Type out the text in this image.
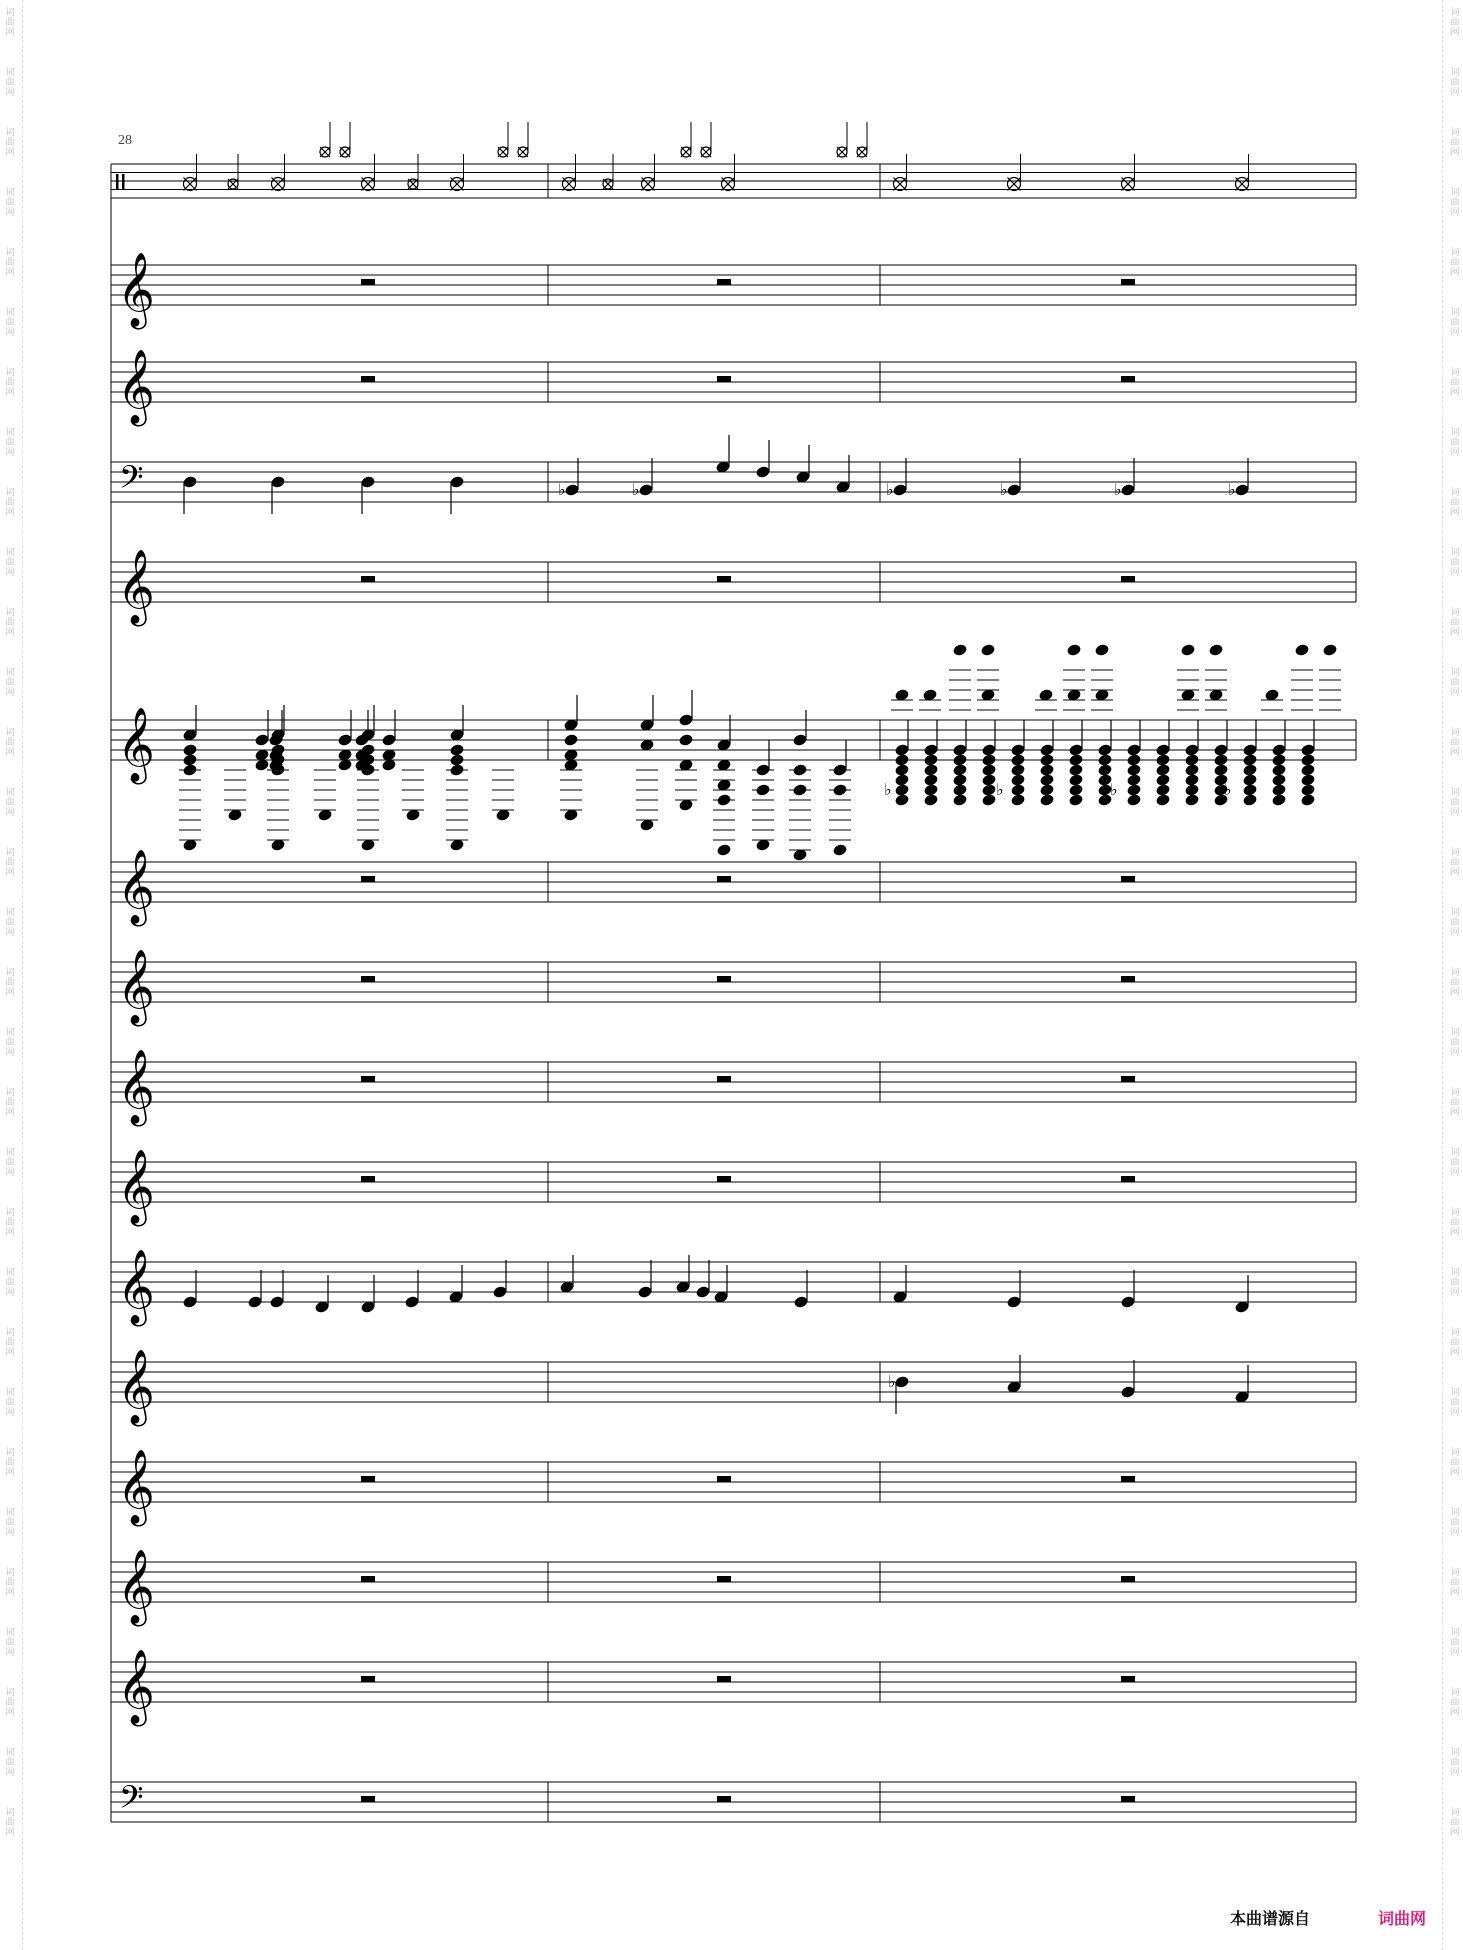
词
曲
网
词
曲
网
词
曲
网
词
曲
网
词
曲
网
词
曲
网
词
曲
网
词
曲
网
词
曲
网
词
曲
网
词
曲
网
词
曲
网
词
曲
网
词
曲
网
词
曲
网
词
曲
网
词
曲
网
词
曲
网
词
曲
网
词
曲
网
词
曲
网
词
曲
网
词
曲
网
词
曲
网
词
曲
网
词
曲
网
词
曲
网
词
曲
网
词
曲
网
词
曲
网
词
曲
网
词
曲
网
词
曲
网
词
曲
网
词
曲
网
词
曲
网
词
曲
网
词
曲
网
词
曲
网
词
曲
网
词
曲
网
词
曲
网
词
曲
网
词
曲
网
词
曲
网
词
曲
网
词
曲
网
词
曲
网
词
曲
网
词
曲
网
词
曲
网
词
曲
网
词
曲
网
词
曲
网
词
曲
网
词
曲
网
词
曲
网
词
曲
网
词
曲
网
词
曲
网
词
曲
网
词
曲
网
28
𝄞
𝄞
𝄢
𝄞
𝄞
𝄞
𝄞
𝄞
𝄞
𝄞
𝄞
𝄞
𝄞
𝄞
𝄢
♭	♭	♭	♭	♭	♭
♭	♭	♭	♭
♭
本曲谱源自	词曲网
